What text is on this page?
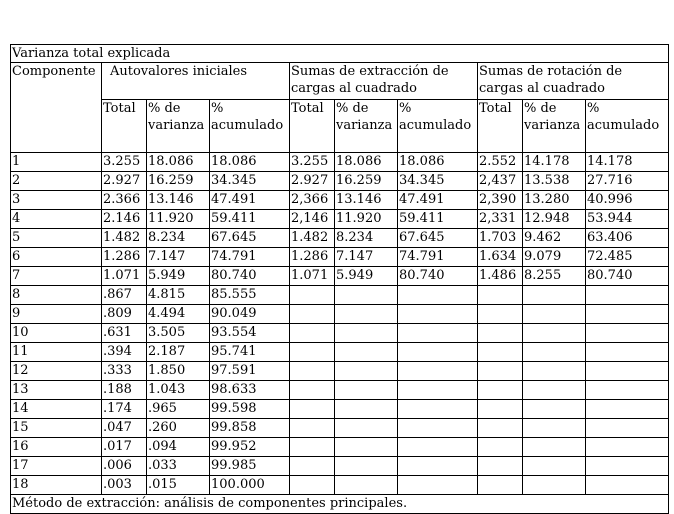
Varianza total explicada									
Componente	Autovalores iniciales			Sumas de extracción de cargas al cuadrado			Sumas de rotación de cargas al cuadrado		
	Total	% de varianza	% acumulado	Total	% de varianza	% acumulado	Total	% de varianza	% acumulado
1	3.255	18.086	18.086	3.255	18.086	18.086	2.552	14.178	14.178
2	2.927	16.259	34.345	2.927	16.259	34.345	2,437	13.538	27.716
3	2.366	13.146	47.491	2,366	13.146	47.491	2,390	13.280	40.996
4	2.146	11.920	59.411	2,146	11.920	59.411	2,331	12.948	53.944
5	1.482	8.234	67.645	1.482	8.234	67.645	1.703	9.462	63.406
6	1.286	7.147	74.791	1.286	7.147	74.791	1.634	9.079	72.485
7	1.071	5.949	80.740	1.071	5.949	80.740	1.486	8.255	80.740
8	.867	4.815	85.555						
9	.809	4.494	90.049						
10	.631	3.505	93.554						
11	.394	2.187	95.741						
12	.333	1.850	97.591						
13	.188	1.043	98.633						
14	.174	.965	99.598						
15	.047	.260	99.858						
16	.017	.094	99.952						
17	.006	.033	99.985						
18	.003	.015	100.000						
Método de extracción: análisis de componentes principales.									
